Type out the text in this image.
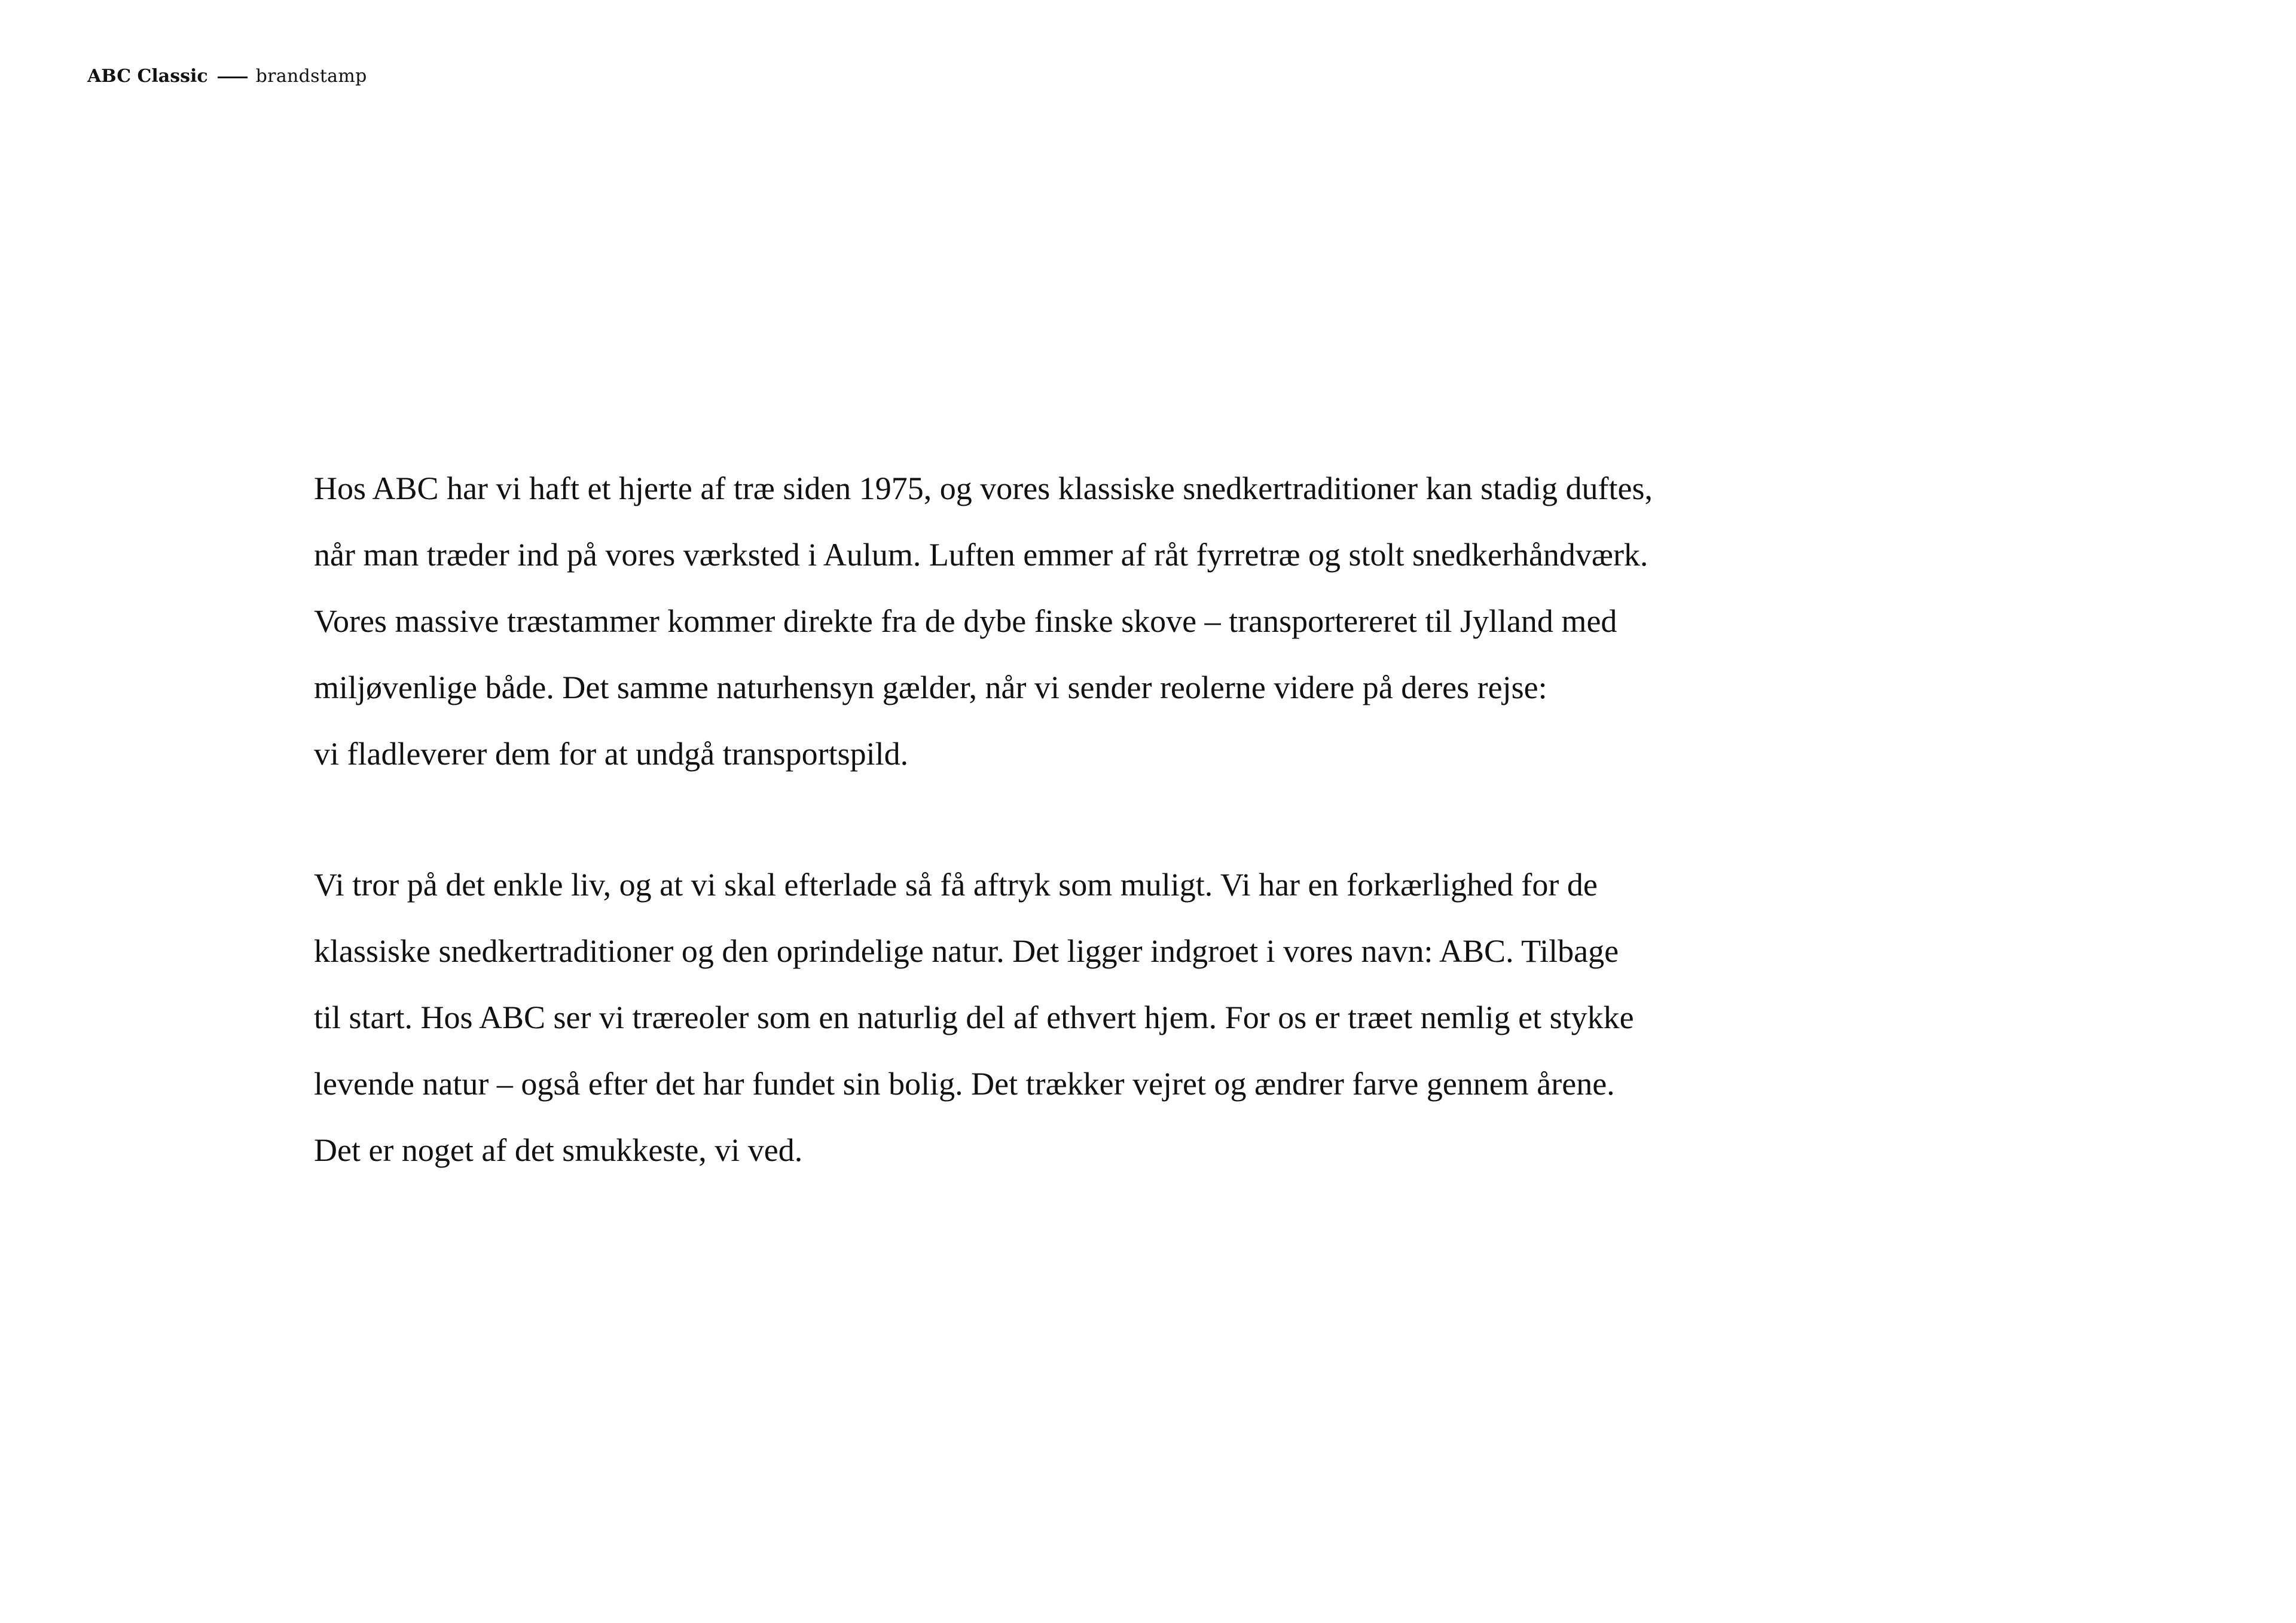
ABC Classic	brandstamp

Hos ABC har vi haft et hjerte af træ siden 1975, og vores klassiske snedkertraditioner kan stadig duftes,
når man træder ind på vores værksted i Aulum. Luften emmer af råt fyrretræ og stolt snedkerhåndværk.
Vores massive træstammer kommer direkte fra de dybe finske skove – transportereret til Jylland med
miljøvenlige både. Det samme naturhensyn gælder, når vi sender reolerne videre på deres rejse:
vi fladleverer dem for at undgå transportspild.

Vi tror på det enkle liv, og at vi skal efterlade så få aftryk som muligt. Vi har en forkærlighed for de
klassiske snedkertraditioner og den oprindelige natur. Det ligger indgroet i vores navn: ABC. Tilbage
til start. Hos ABC ser vi træreoler som en naturlig del af ethvert hjem. For os er træet nemlig et stykke
levende natur – også efter det har fundet sin bolig. Det trækker vejret og ændrer farve gennem årene.
Det er noget af det smukkeste, vi ved.
